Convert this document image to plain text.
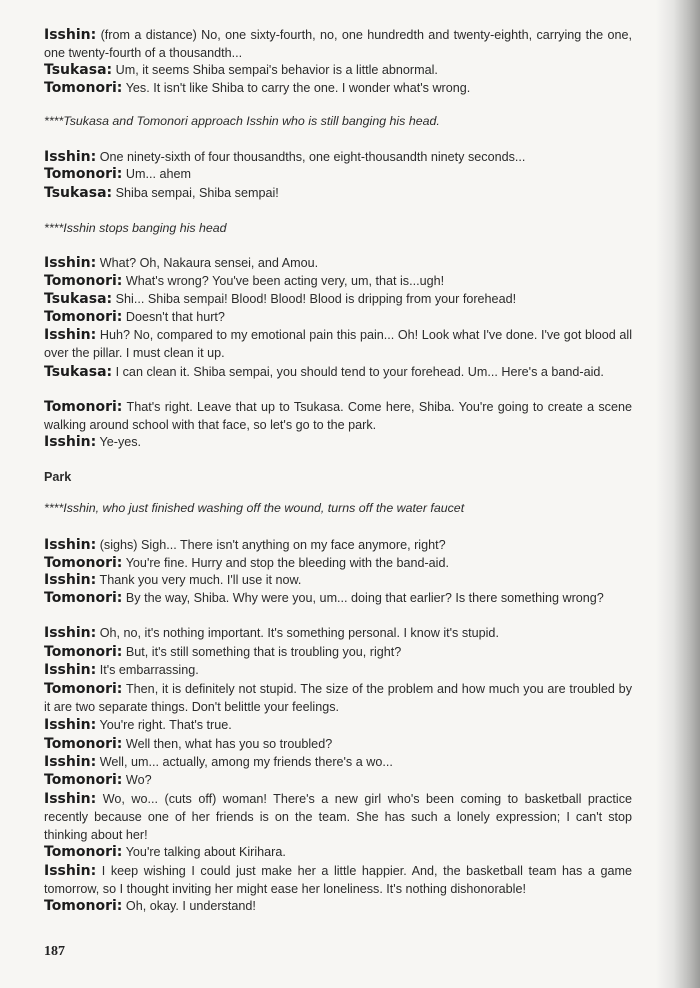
Isshin: (from a distance) No, one sixty-fourth, no, one hundredth and twenty-eighth, carrying the one, one twenty-fourth of a thousandth...
Tsukasa: Um, it seems Shiba sempai's behavior is a little abnormal.
Tomonori: Yes. It isn't like Shiba to carry the one. I wonder what's wrong.
****Tsukasa and Tomonori approach Isshin who is still banging his head.
Isshin: One ninety-sixth of four thousandths, one eight-thousandth ninety seconds...
Tomonori: Um... ahem
Tsukasa: Shiba sempai, Shiba sempai!
****Isshin stops banging his head
Isshin: What? Oh, Nakaura sensei, and Amou.
Tomonori: What's wrong? You've been acting very, um, that is...ugh!
Tsukasa: Shi... Shiba sempai! Blood! Blood! Blood is dripping from your forehead!
Tomonori: Doesn't that hurt?
Isshin: Huh? No, compared to my emotional pain this pain... Oh! Look what I've done. I've got blood all over the pillar. I must clean it up.
Tsukasa: I can clean it. Shiba sempai, you should tend to your forehead. Um... Here's a band-aid.
Tomonori: That's right. Leave that up to Tsukasa. Come here, Shiba. You're going to create a scene walking around school with that face, so let's go to the park.
Isshin: Ye-yes.
Park
****Isshin, who just finished washing off the wound, turns off the water faucet
Isshin: (sighs) Sigh... There isn't anything on my face anymore, right?
Tomonori: You're fine. Hurry and stop the bleeding with the band-aid.
Isshin: Thank you very much. I'll use it now.
Tomonori: By the way, Shiba. Why were you, um... doing that earlier? Is there something wrong?
Isshin: Oh, no, it's nothing important. It's something personal. I know it's stupid.
Tomonori: But, it's still something that is troubling you, right?
Isshin: It's embarrassing.
Tomonori: Then, it is definitely not stupid. The size of the problem and how much you are troubled by it are two separate things. Don't belittle your feelings.
Isshin: You're right. That's true.
Tomonori: Well then, what has you so troubled?
Isshin: Well, um... actually, among my friends there's a wo...
Tomonori: Wo?
Isshin: Wo, wo... (cuts off) woman! There's a new girl who's been coming to basketball practice recently because one of her friends is on the team. She has such a lonely expression; I can't stop thinking about her!
Tomonori: You're talking about Kirihara.
Isshin: I keep wishing I could just make her a little happier. And, the basketball team has a game tomorrow, so I thought inviting her might ease her loneliness. It's nothing dishonorable!
Tomonori: Oh, okay. I understand!
187
